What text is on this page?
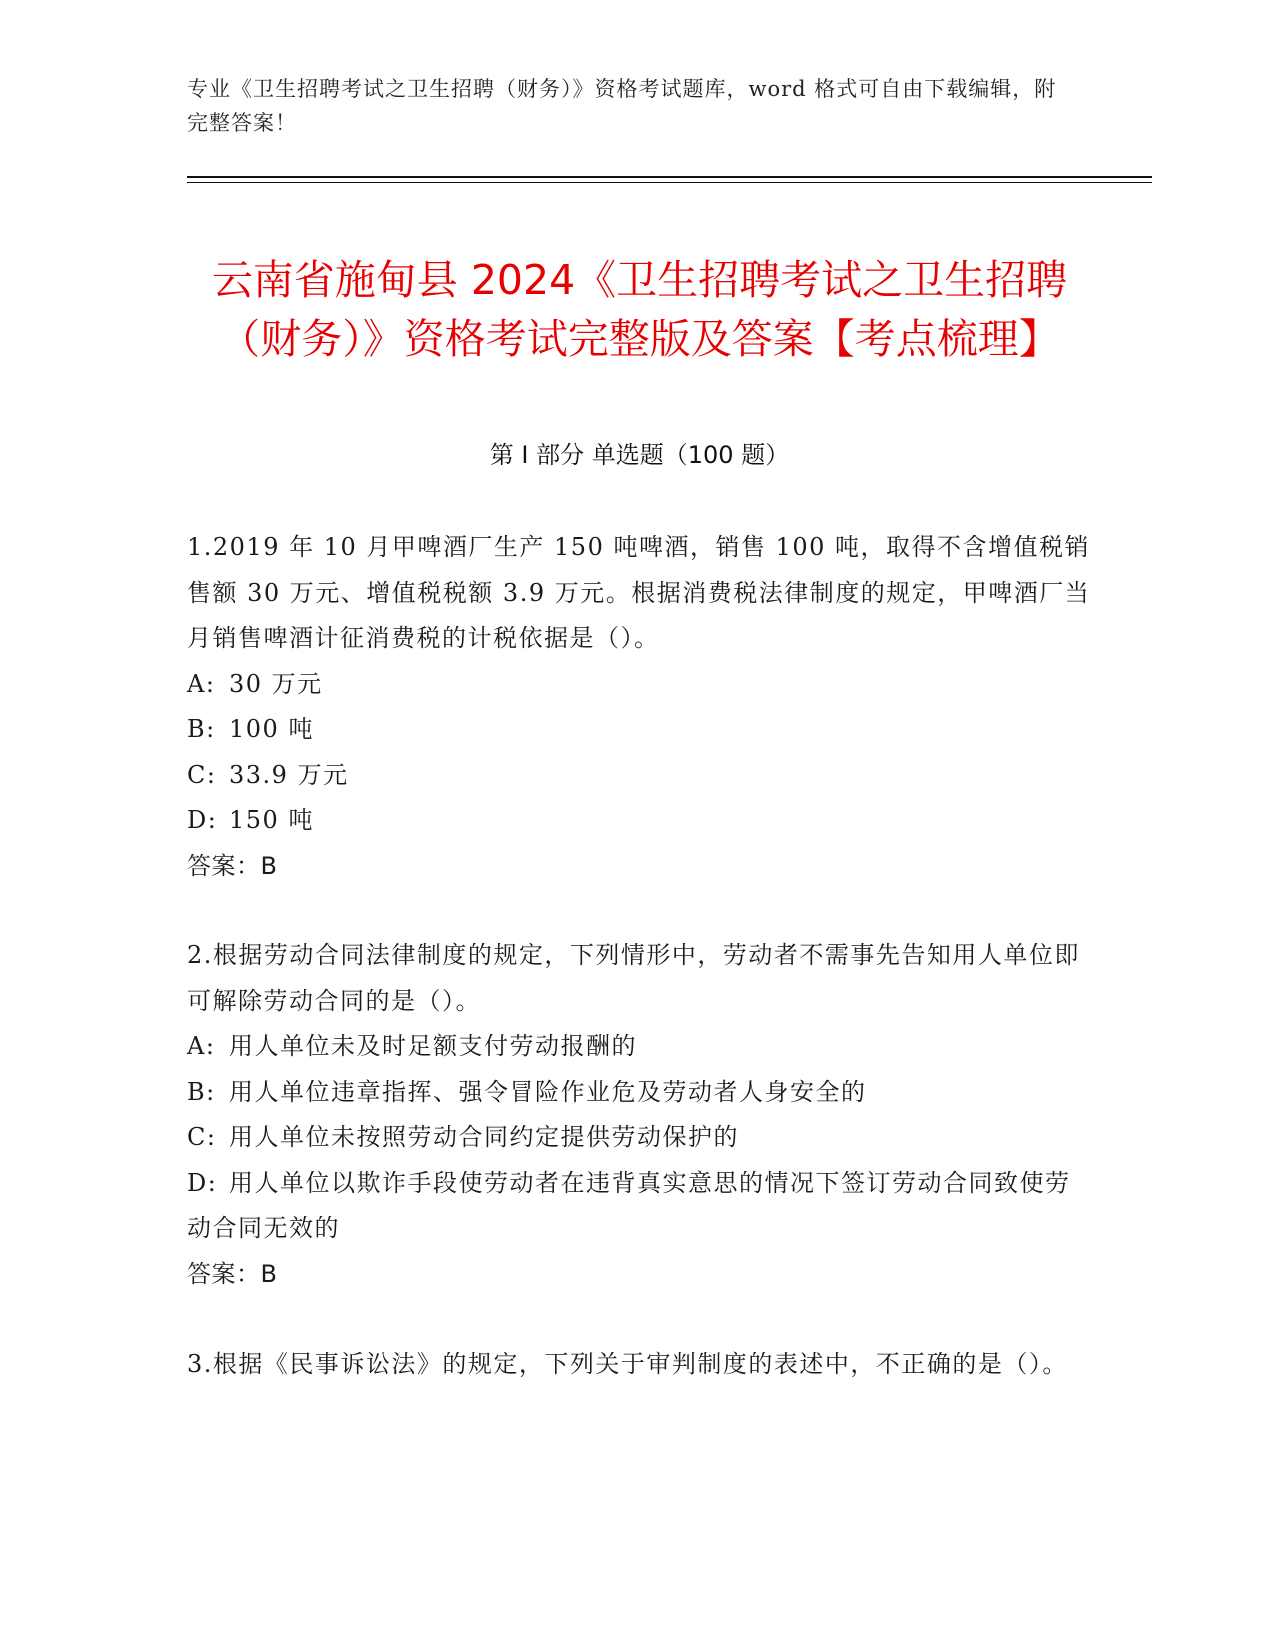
专业《卫生招聘考试之卫生招聘（财务）》资格考试题库，word 格式可自由下载编辑，附完整答案！
云南省施甸县 2024《卫生招聘考试之卫生招聘（财务）》资格考试完整版及答案【考点梳理】
第 I 部分 单选题（100 题）
1.2019 年 10 月甲啤酒厂生产 150 吨啤酒，销售 100 吨，取得不含增值税销售额 30 万元、增值税税额 3.9 万元。根据消费税法律制度的规定，甲啤酒厂当月销售啤酒计征消费税的计税依据是（）。
A: 30 万元
B: 100 吨
C: 33.9 万元
D: 150 吨
答案：B
2.根据劳动合同法律制度的规定，下列情形中，劳动者不需事先告知用人单位即可解除劳动合同的是（）。
A: 用人单位未及时足额支付劳动报酬的
B: 用人单位违章指挥、强令冒险作业危及劳动者人身安全的
C: 用人单位未按照劳动合同约定提供劳动保护的
D: 用人单位以欺诈手段使劳动者在违背真实意思的情况下签订劳动合同致使劳动合同无效的
答案：B
3.根据《民事诉讼法》的规定，下列关于审判制度的表述中，不正确的是（）。
